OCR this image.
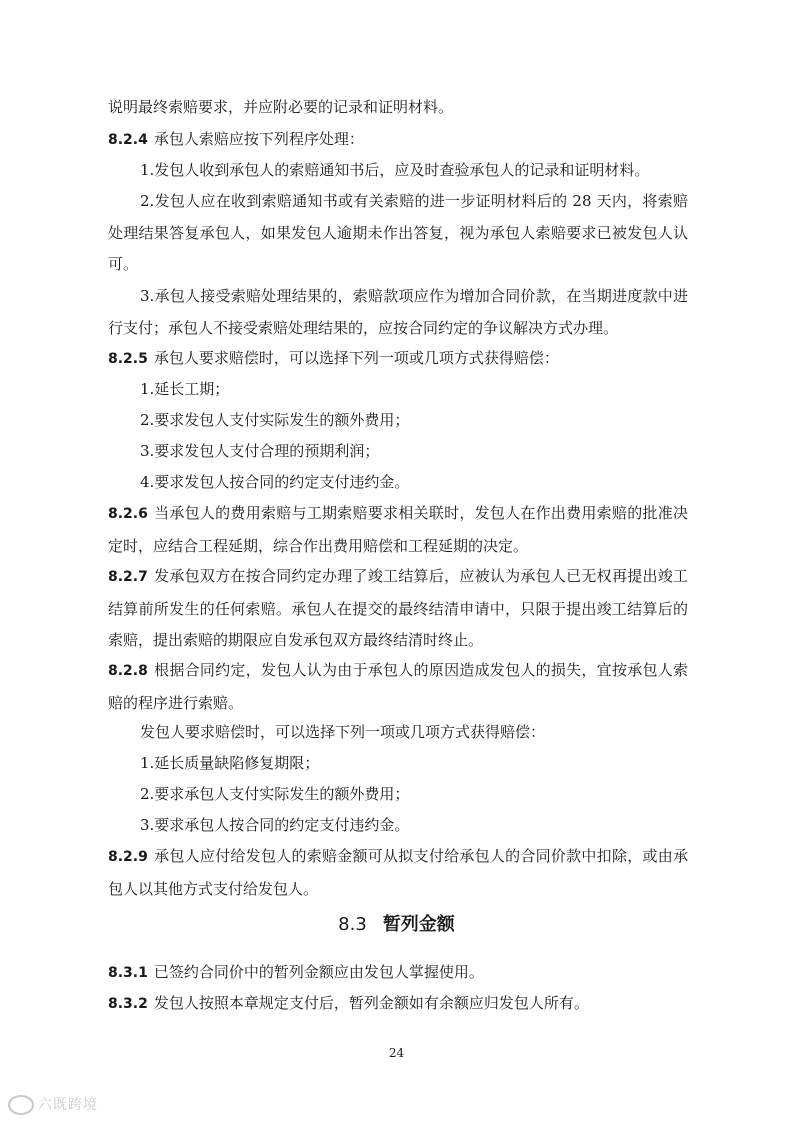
说明最终索赔要求，并应附必要的记录和证明材料。

8.2.4 承包人索赔应按下列程序处理：

1.发包人收到承包人的索赔通知书后，应及时查验承包人的记录和证明材料。

2.发包人应在收到索赔通知书或有关索赔的进一步证明材料后的 28 天内，将索赔处理结果答复承包人，如果发包人逾期未作出答复，视为承包人索赔要求已被发包人认可。

3.承包人接受索赔处理结果的，索赔款项应作为增加合同价款，在当期进度款中进行支付；承包人不接受索赔处理结果的，应按合同约定的争议解决方式办理。

8.2.5 承包人要求赔偿时，可以选择下列一项或几项方式获得赔偿：

1.延长工期；

2.要求发包人支付实际发生的额外费用；

3.要求发包人支付合理的预期利润；

4.要求发包人按合同的约定支付违约金。

8.2.6 当承包人的费用索赔与工期索赔要求相关联时，发包人在作出费用索赔的批准决定时，应结合工程延期，综合作出费用赔偿和工程延期的决定。

8.2.7 发承包双方在按合同约定办理了竣工结算后，应被认为承包人已无权再提出竣工结算前所发生的任何索赔。承包人在提交的最终结清申请中，只限于提出竣工结算后的索赔，提出索赔的期限应自发承包双方最终结清时终止。

8.2.8 根据合同约定，发包人认为由于承包人的原因造成发包人的损失，宜按承包人索赔的程序进行索赔。

发包人要求赔偿时，可以选择下列一项或几项方式获得赔偿：

1.延长质量缺陷修复期限；

2.要求承包人支付实际发生的额外费用；

3.要求承包人按合同的约定支付违约金。

8.2.9 承包人应付给发包人的索赔金额可从拟支付给承包人的合同价款中扣除，或由承包人以其他方式支付给发包人。

8.3 暂列金额

8.3.1 已签约合同价中的暂列金额应由发包人掌握使用。

8.3.2 发包人按照本章规定支付后，暂列金额如有余额应归发包人所有。

24
六既跨境
